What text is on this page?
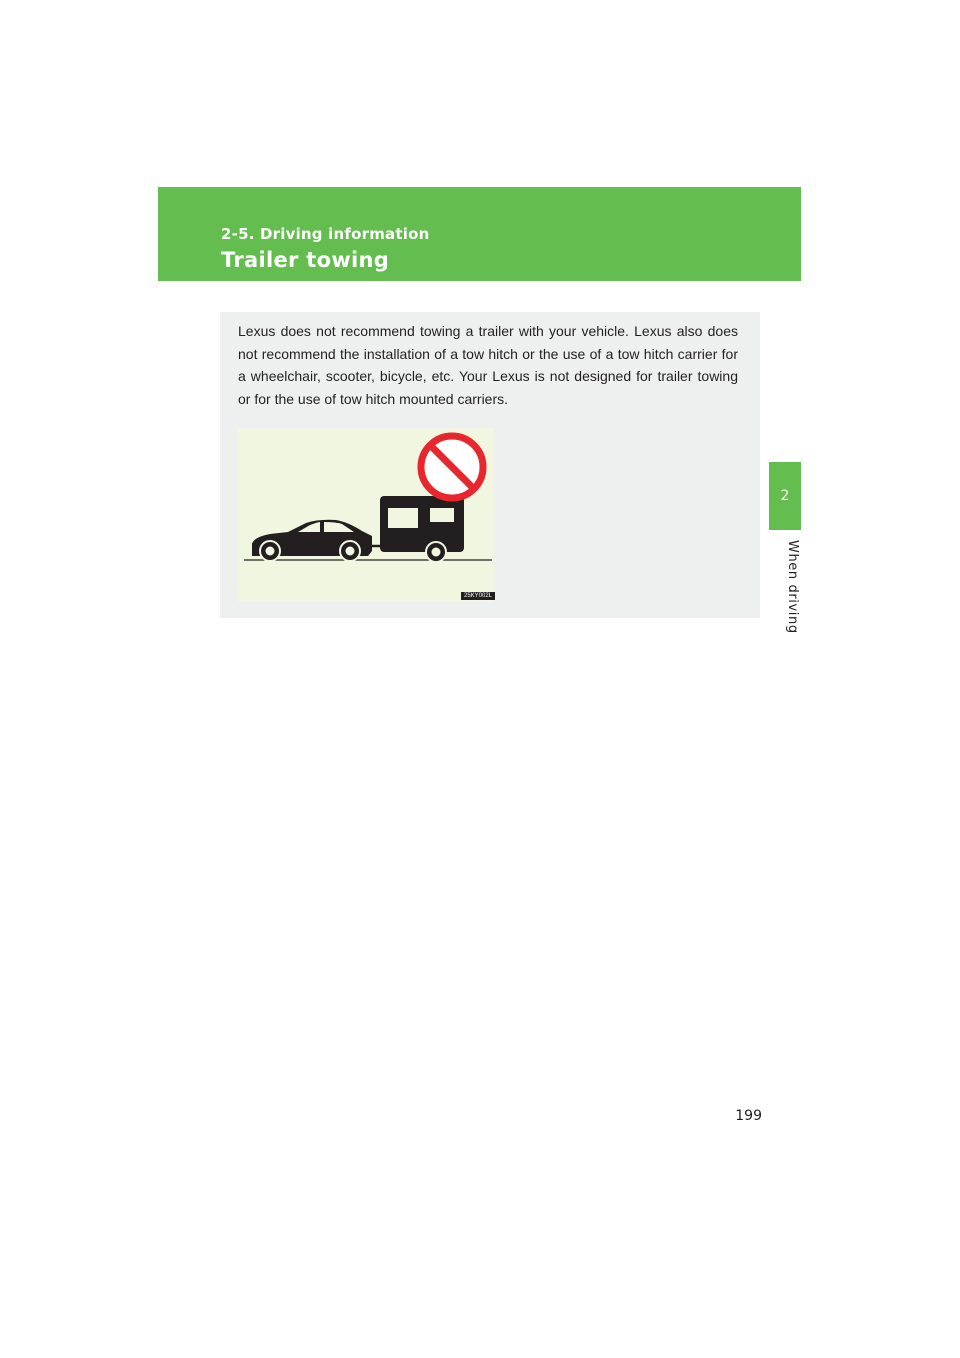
2-5. Driving information
Trailer towing
2
When driving

Lexus does not recommend towing a trailer with your vehicle. Lexus also does not recommend the installation of a tow hitch or the use of a tow hitch carrier for a wheelchair, scooter, bicycle, etc. Your Lexus is not designed for trailer towing or for the use of tow hitch mounted carriers.

25KY002L
199
